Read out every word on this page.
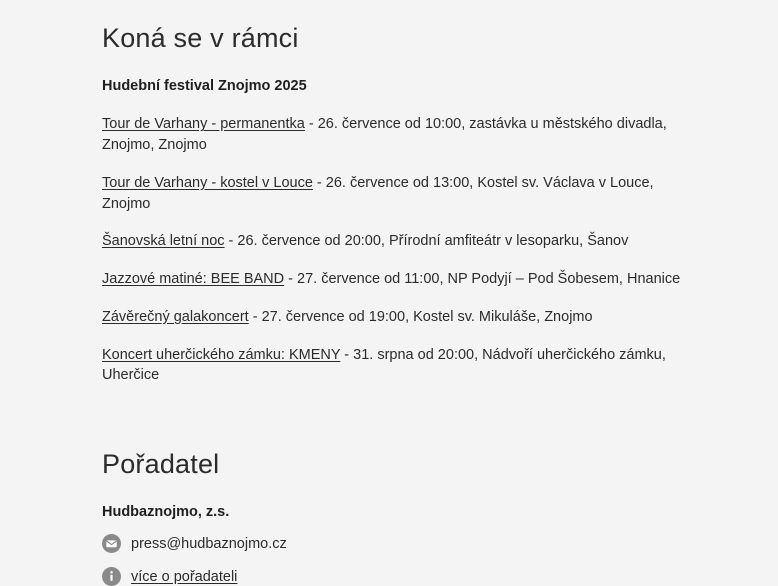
Koná se v rámci
Hudební festival Znojmo 2025
Tour de Varhany - permanentka - 26. července od 10:00, zastávka u městského divadla, Znojmo, Znojmo
Tour de Varhany - kostel v Louce - 26. července od 13:00, Kostel sv. Václava v Louce, Znojmo
Šanovská letní noc - 26. července od 20:00, Přírodní amfiteátr v lesoparku, Šanov
Jazzové matiné: BEE BAND - 27. července od 11:00, NP Podyjí – Pod Šobesem, Hnanice
Závěrečný galakoncert - 27. července od 19:00, Kostel sv. Mikuláše, Znojmo
Koncert uherčického zámku: KMENY - 31. srpna od 20:00, Nádvoří uherčického zámku, Uherčice
Pořadatel
Hudbaznojmo, z.s.
press@hudbaznojmo.cz
více o pořadateli
